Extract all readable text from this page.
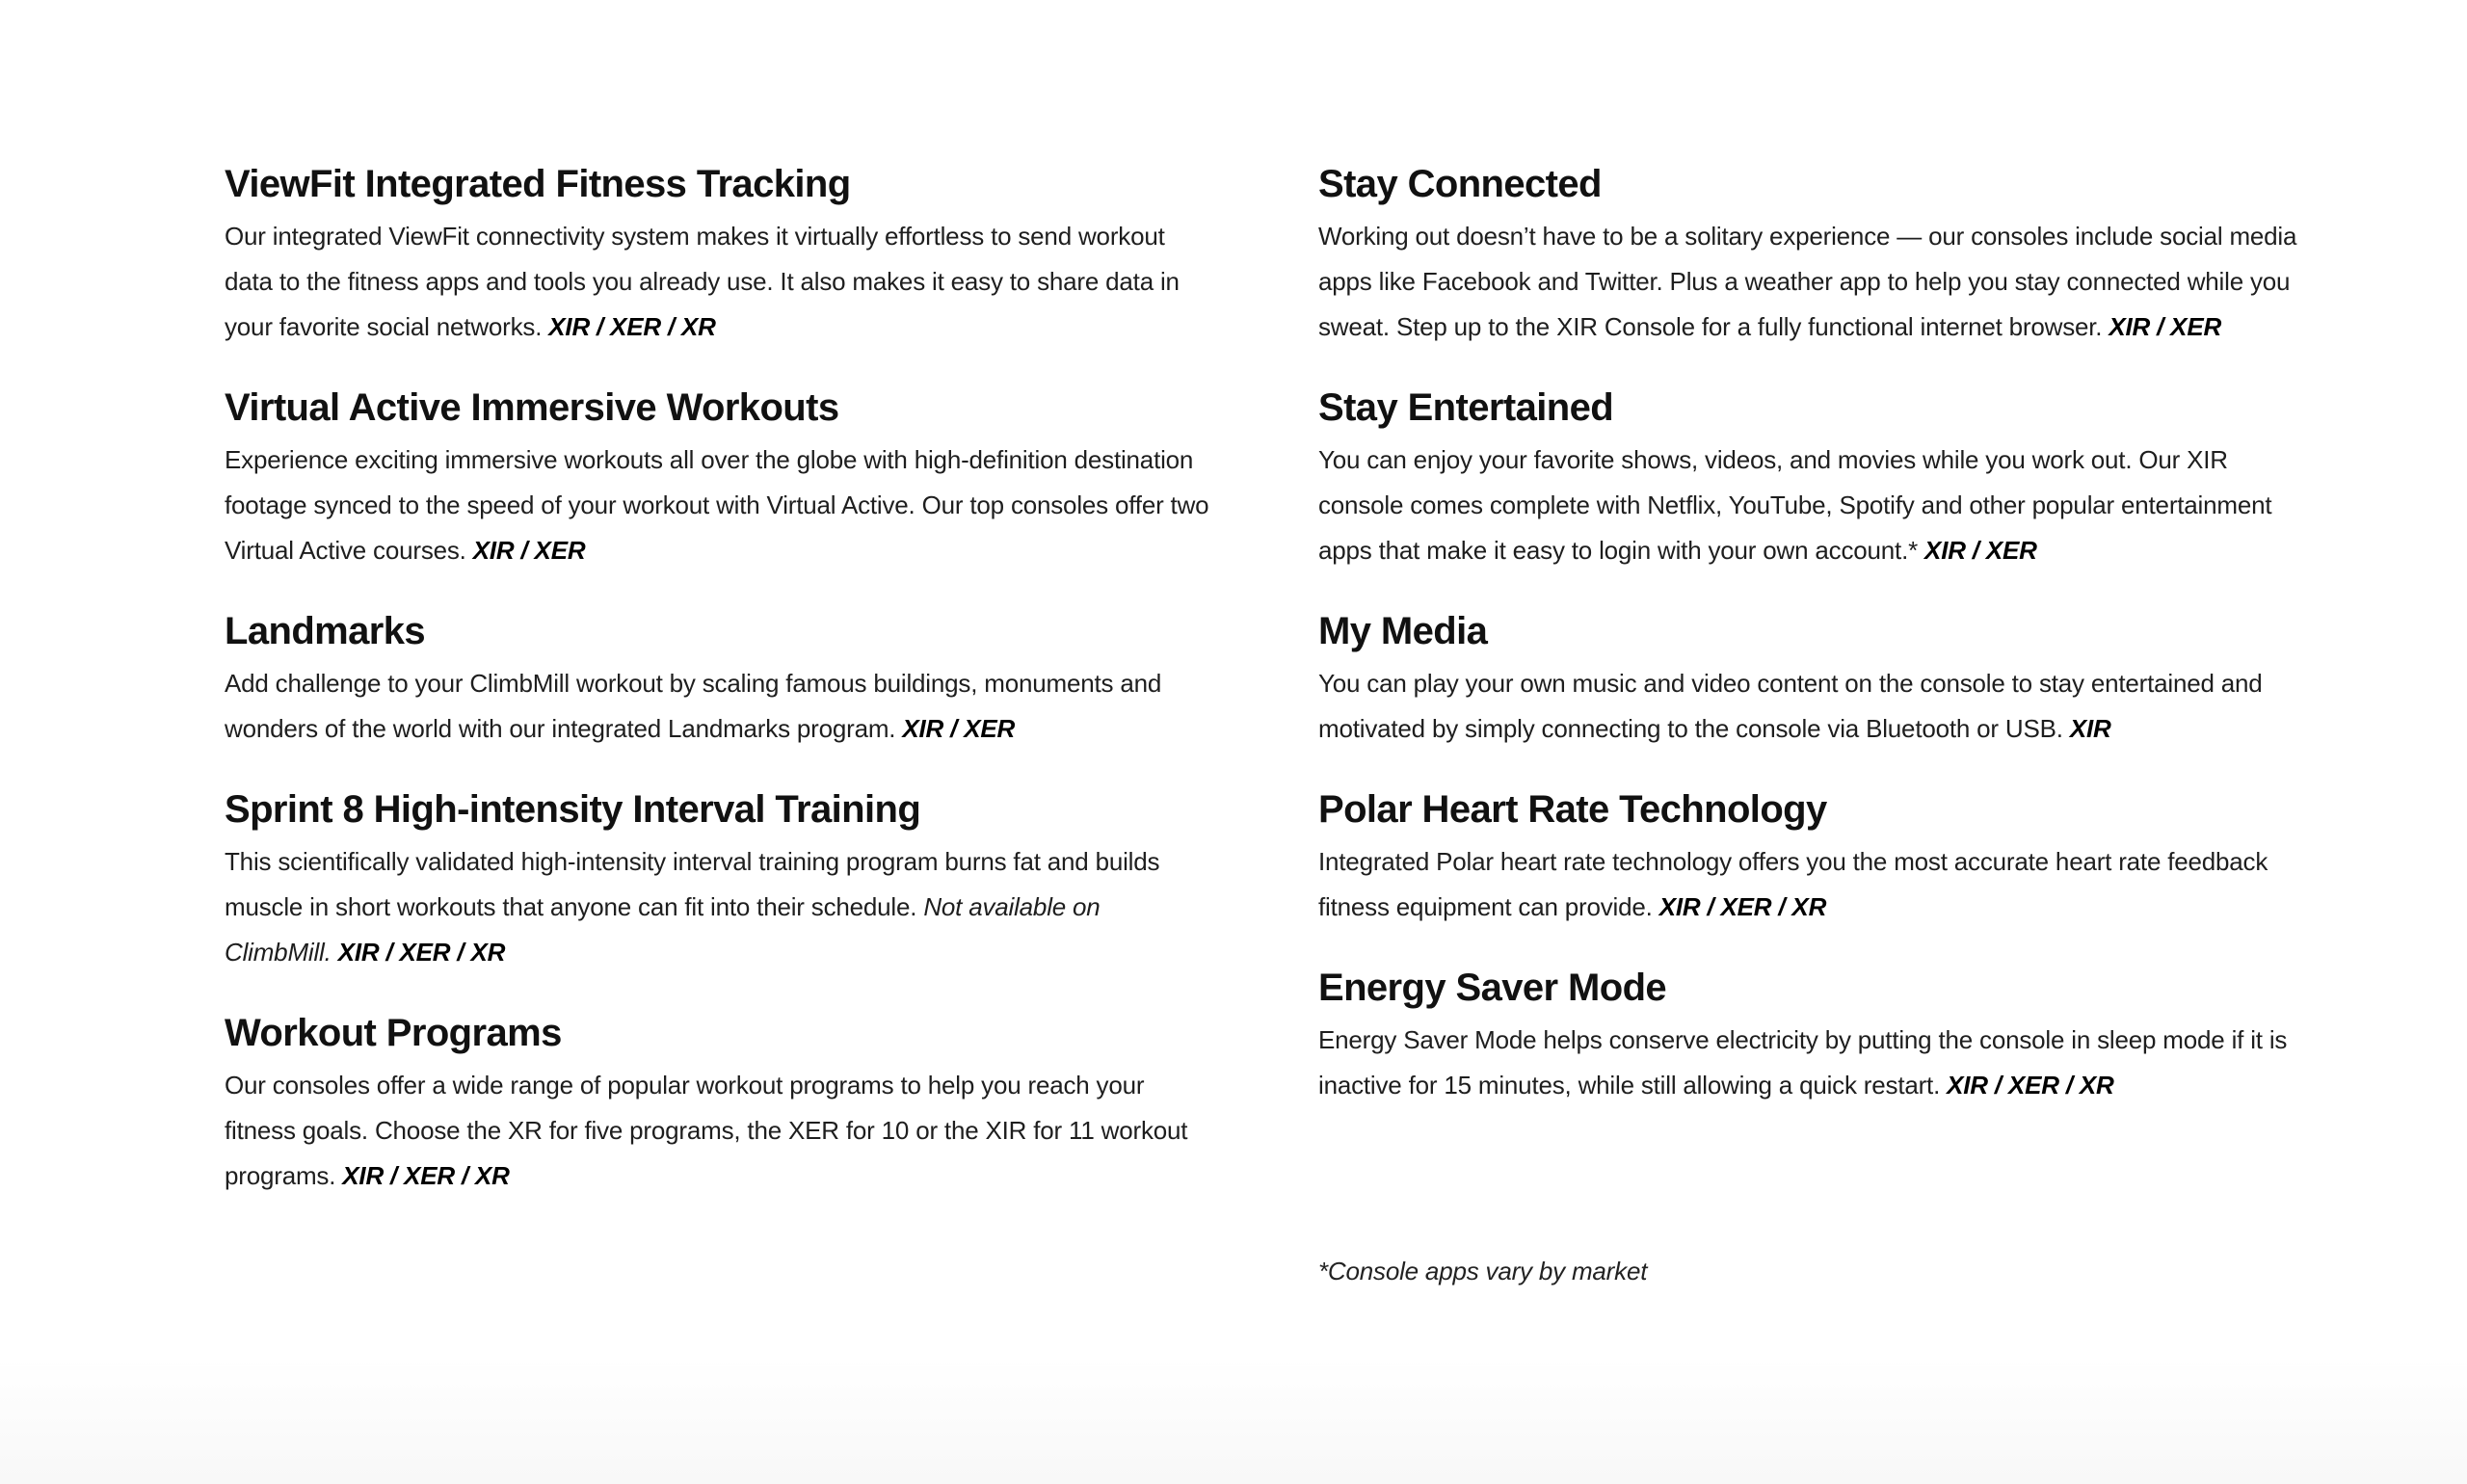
ViewFit Integrated Fitness Tracking

Our integrated ViewFit connectivity system makes it virtually effortless to send workout data to the fitness apps and tools you already use. It also makes it easy to share data in your favorite social networks. XIR / XER / XR

Virtual Active Immersive Workouts

Experience exciting immersive workouts all over the globe with high-definition destination footage synced to the speed of your workout with Virtual Active. Our top consoles offer two Virtual Active courses. XIR / XER

Landmarks

Add challenge to your ClimbMill workout by scaling famous buildings, monuments and wonders of the world with our integrated Landmarks program. XIR / XER

Sprint 8 High-intensity Interval Training

This scientifically validated high-intensity interval training program burns fat and builds muscle in short workouts that anyone can fit into their schedule. Not available on ClimbMill. XIR / XER / XR

Workout Programs

Our consoles offer a wide range of popular workout programs to help you reach your fitness goals. Choose the XR for five programs, the XER for 10 or the XIR for 11 workout programs. XIR / XER / XR

Stay Connected

Working out doesn’t have to be a solitary experience — our consoles include social media apps like Facebook and Twitter. Plus a weather app to help you stay connected while you sweat. Step up to the XIR Console for a fully functional internet browser. XIR / XER

Stay Entertained

You can enjoy your favorite shows, videos, and movies while you work out. Our XIR console comes complete with Netflix, YouTube, Spotify and other popular entertainment apps that make it easy to login with your own account.* XIR / XER

My Media

You can play your own music and video content on the console to stay entertained and motivated by simply connecting to the console via Bluetooth or USB. XIR

Polar Heart Rate Technology

Integrated Polar heart rate technology offers you the most accurate heart rate feedback fitness equipment can provide. XIR / XER / XR

Energy Saver Mode

Energy Saver Mode helps conserve electricity by putting the console in sleep mode if it is inactive for 15 minutes, while still allowing a quick restart. XIR / XER / XR

*Console apps vary by market
